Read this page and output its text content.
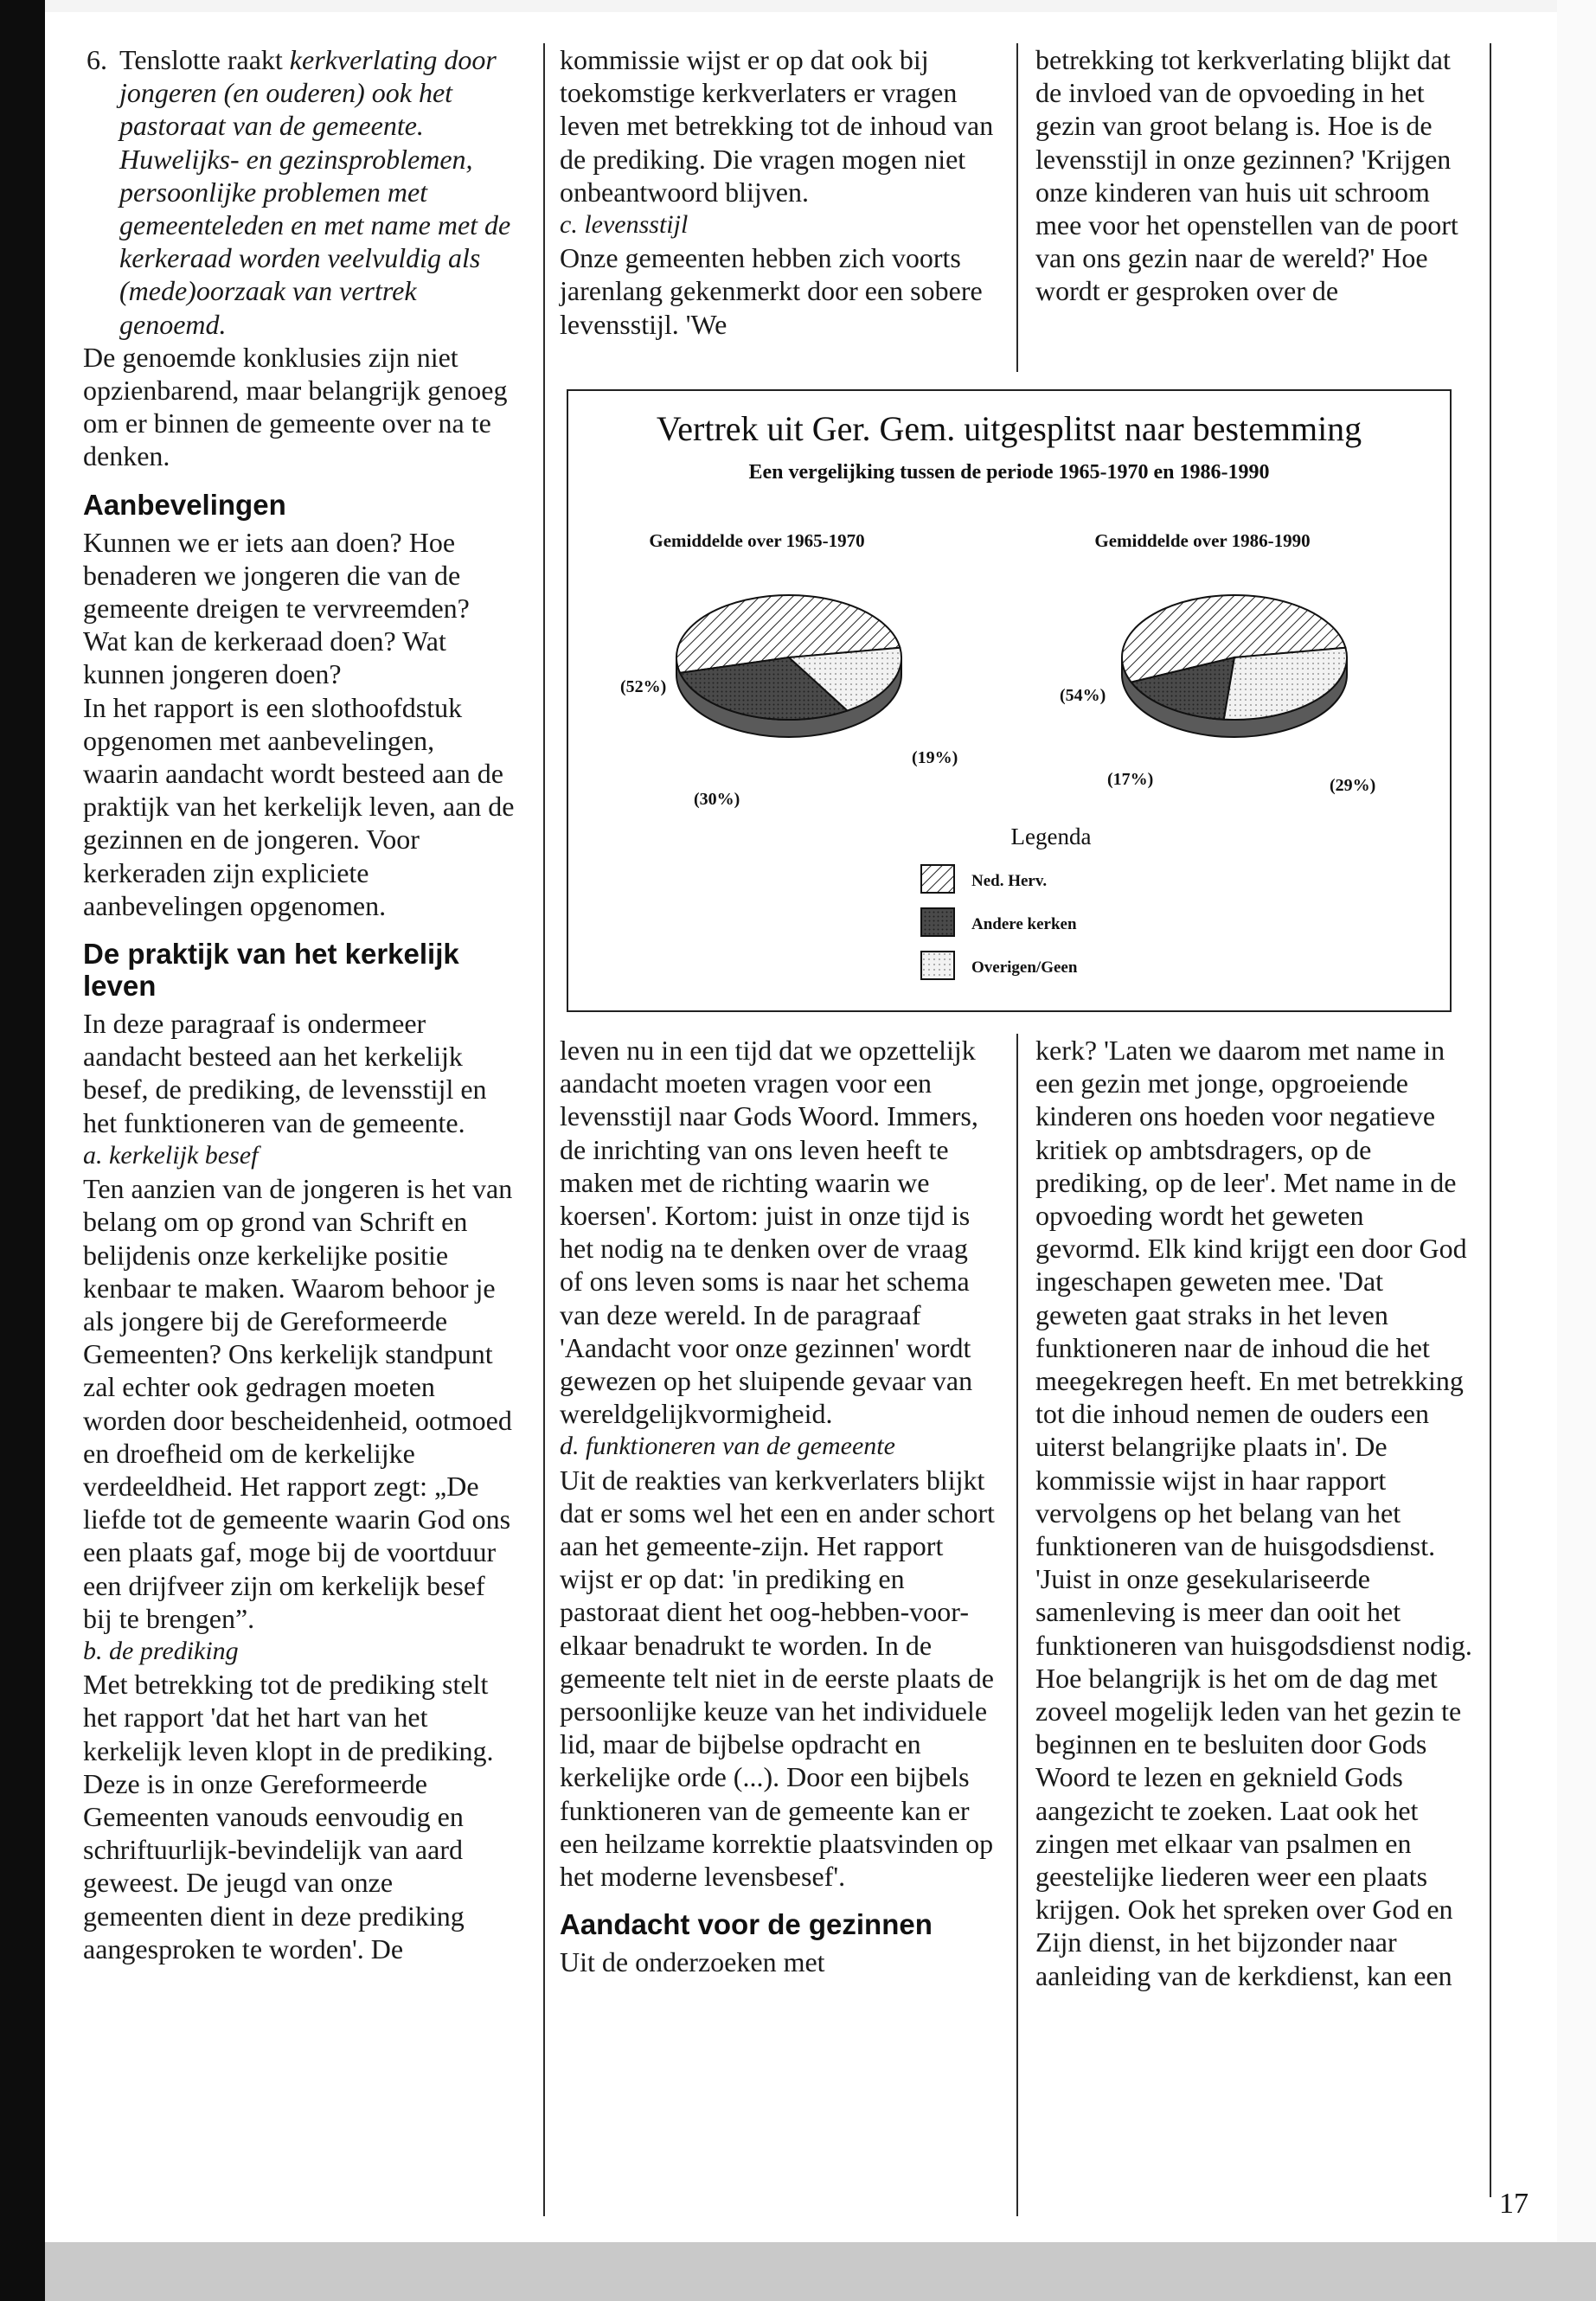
6. Tenslotte raakt kerkverlating door jongeren (en ouderen) ook het pastoraat van de gemeente. Huwelijks- en gezinsproblemen, persoonlijke problemen met gemeenteleden en met name met de kerkeraad worden veelvuldig als (mede)oorzaak van vertrek genoemd.

De genoemde konklusies zijn niet opzienbarend, maar belangrijk genoeg om er binnen de gemeente over na te denken.

Aanbevelingen

Kunnen we er iets aan doen? Hoe benaderen we jongeren die van de gemeente dreigen te vervreemden? Wat kan de kerkeraad doen? Wat kunnen jongeren doen?

In het rapport is een slothoofdstuk opgenomen met aanbevelingen, waarin aandacht wordt besteed aan de praktijk van het kerkelijk leven, aan de gezinnen en de jongeren. Voor kerkeraden zijn expliciete aanbevelingen opgenomen.

De praktijk van het kerkelijk leven

In deze paragraaf is ondermeer aandacht besteed aan het kerkelijk besef, de prediking, de levensstijl en het funktioneren van de gemeente.

a. kerkelijk besef

Ten aanzien van de jongeren is het van belang om op grond van Schrift en belijdenis onze kerkelijke positie kenbaar te maken. Waarom behoor je als jongere bij de Gereformeerde Gemeenten? Ons kerkelijk standpunt zal echter ook gedragen moeten worden door bescheidenheid, ootmoed en droefheid om de kerkelijke verdeeldheid. Het rapport zegt: „De liefde tot de gemeente waarin God ons een plaats gaf, moge bij de voortduur een drijfveer zijn om kerkelijk besef bij te brengen”.

b. de prediking

Met betrekking tot de prediking stelt het rapport 'dat het hart van het kerkelijk leven klopt in de prediking. Deze is in onze Gereformeerde Gemeenten vanouds eenvoudig en schriftuurlijk-bevindelijk van aard geweest. De jeugd van onze gemeenten dient in deze prediking aangesproken te worden'. De

kommissie wijst er op dat ook bij toekomstige kerkverlaters er vragen leven met betrekking tot de inhoud van de prediking. Die vragen mogen niet onbeantwoord blijven.

c. levensstijl

Onze gemeenten hebben zich voorts jarenlang gekenmerkt door een sobere levensstijl. 'We

betrekking tot kerkverlating blijkt dat de invloed van de opvoeding in het gezin van groot belang is. Hoe is de levensstijl in onze gezinnen? 'Krijgen onze kinderen van huis uit schroom mee voor het openstellen van de poort van ons gezin naar de wereld?' Hoe wordt er gesproken over de

Vertrek uit Ger. Gem. uitgesplitst naar bestemming
Een vergelijking tussen de periode 1965-1970 en 1986-1990
Gemiddelde over 1965-1970
(52%)
(30%)
(19%)
Gemiddelde over 1986-1990
(54%)
(17%)	(29%)
Legenda
Ned. Herv.
Andere kerken
Overigen/Geen

leven nu in een tijd dat we opzettelijk aandacht moeten vragen voor een levensstijl naar Gods Woord. Immers, de inrichting van ons leven heeft te maken met de richting waarin we koersen'. Kortom: juist in onze tijd is het nodig na te denken over de vraag of ons leven soms is naar het schema van deze wereld. In de paragraaf 'Aandacht voor onze gezinnen' wordt gewezen op het sluipende gevaar van wereldgelijkvormigheid.

d. funktioneren van de gemeente

Uit de reakties van kerkverlaters blijkt dat er soms wel het een en ander schort aan het gemeente-zijn. Het rapport wijst er op dat: 'in prediking en pastoraat dient het oog-hebben-voor-elkaar benadrukt te worden. In de gemeente telt niet in de eerste plaats de persoonlijke keuze van het individuele lid, maar de bijbelse opdracht en kerkelijke orde (...). Door een bijbels funktioneren van de gemeente kan er een heilzame korrektie plaatsvinden op het moderne levensbesef'.

Aandacht voor de gezinnen

Uit de onderzoeken met

kerk? 'Laten we daarom met name in een gezin met jonge, opgroeiende kinderen ons hoeden voor negatieve kritiek op ambtsdragers, op de prediking, op de leer'. Met name in de opvoeding wordt het geweten gevormd. Elk kind krijgt een door God ingeschapen geweten mee. 'Dat geweten gaat straks in het leven funktioneren naar de inhoud die het meegekregen heeft. En met betrekking tot die inhoud nemen de ouders een uiterst belangrijke plaats in'. De kommissie wijst in haar rapport vervolgens op het belang van het funktioneren van de huisgodsdienst. 'Juist in onze gesekulariseerde samenleving is meer dan ooit het funktioneren van huisgodsdienst nodig. Hoe belangrijk is het om de dag met zoveel mogelijk leden van het gezin te beginnen en te besluiten door Gods Woord te lezen en geknield Gods aangezicht te zoeken. Laat ook het zingen met elkaar van psalmen en geestelijke liederen weer een plaats krijgen. Ook het spreken over God en Zijn dienst, in het bijzonder naar aanleiding van de kerkdienst, kan een

17
